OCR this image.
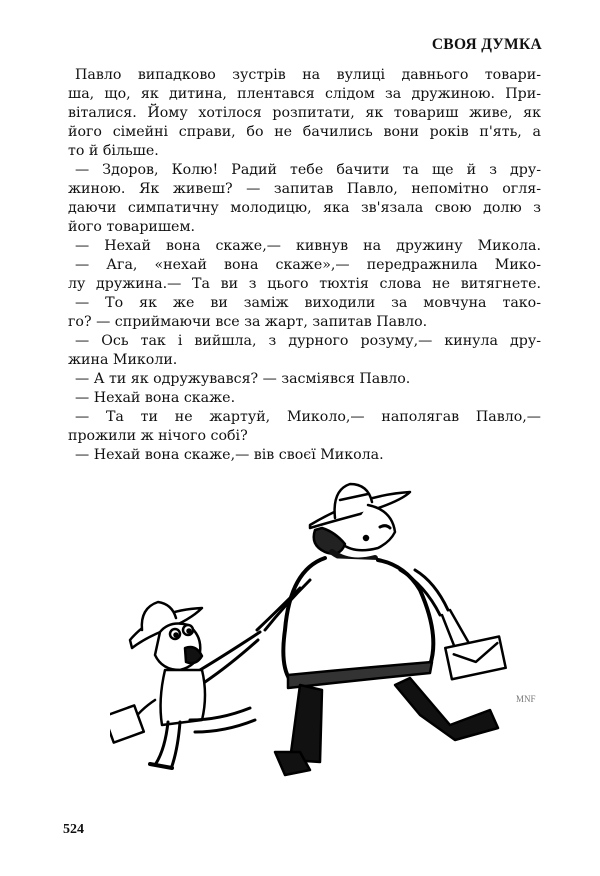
СВОЯ ДУМКА
Павло випадково зустрів на вулиці давнього товари-
ша, що, як дитина, плентався слідом за дружиною. При-
віталися. Йому хотілося розпитати, як товариш живе, як
його сімейні справи, бо не бачились вони років п'ять, а
то й більше.
— Здоров, Колю! Радий тебе бачити та ще й з дру-
жиною. Як живеш? — запитав Павло, непомітно огля-
даючи симпатичну молодицю, яка зв'язала свою долю з
його товаришем.
— Нехай вона скаже,— кивнув на дружину Микола.
— Ага, «нехай вона скаже»,— передражнила Мико-
лу дружина.— Та ви з цього тюхтія слова не витягнете.
— То як же ви заміж виходили за мовчуна тако-
го? — сприймаючи все за жарт, запитав Павло.
— Ось так і вийшла, з дурного розуму,— кинула дру-
жина Миколи.
— А ти як одружувався? — засміявся Павло.
— Нехай вона скаже.
— Та ти не жартуй, Миколо,— наполягав Павло,—
прожили ж нічого собі?
— Нехай вона скаже,— вів своєї Микола.
MNF
524
